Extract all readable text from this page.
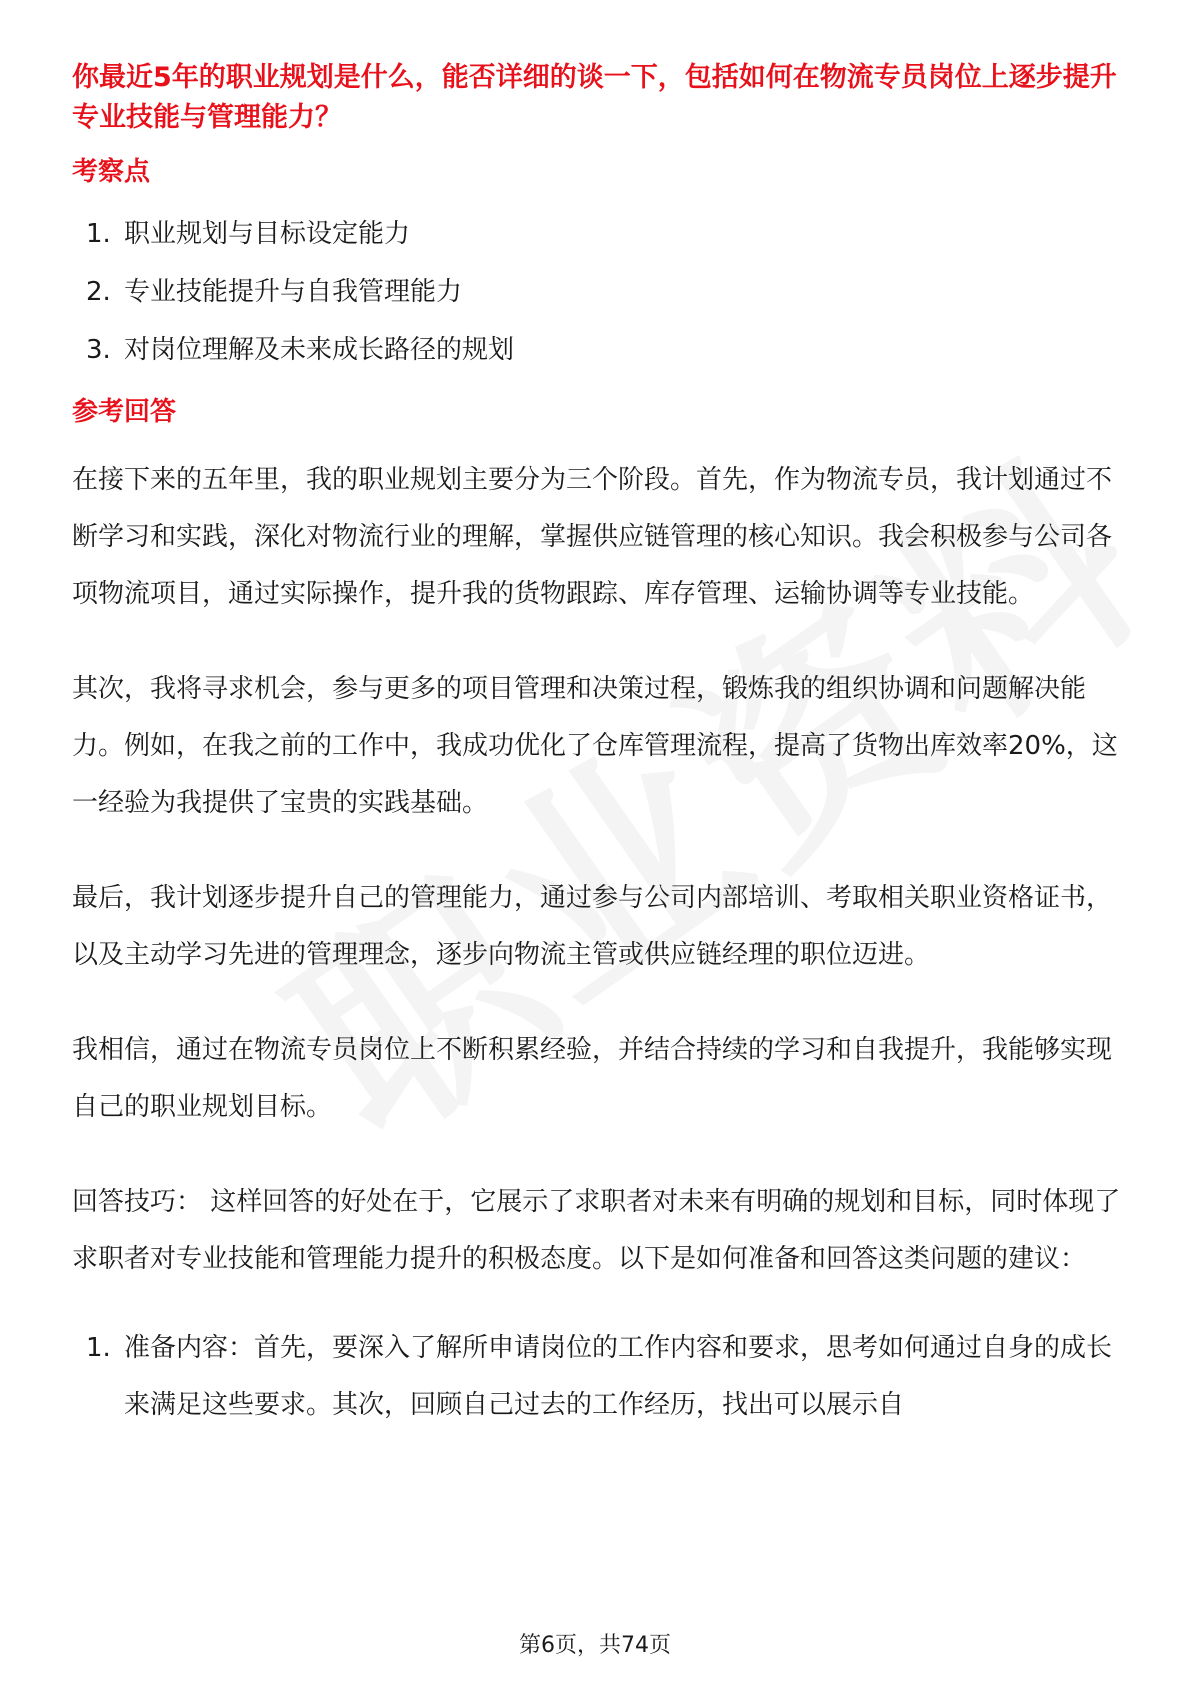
你最近5年的职业规划是什么，能否详细的谈一下，包括如何在物流专员岗位上逐步提升专业技能与管理能力？
考察点
1. 职业规划与目标设定能力
2. 专业技能提升与自我管理能力
3. 对岗位理解及未来成长路径的规划
参考回答

在接下来的五年里，我的职业规划主要分为三个阶段。首先，作为物流专员，我计划通过不断学习和实践，深化对物流行业的理解，掌握供应链管理的核心知识。我会积极参与公司各项物流项目，通过实际操作，提升我的货物跟踪、库存管理、运输协调等专业技能。

其次，我将寻求机会，参与更多的项目管理和决策过程，锻炼我的组织协调和问题解决能力。例如，在我之前的工作中，我成功优化了仓库管理流程，提高了货物出库效率20%，这一经验为我提供了宝贵的实践基础。

最后，我计划逐步提升自己的管理能力，通过参与公司内部培训、考取相关职业资格证书，以及主动学习先进的管理理念，逐步向物流主管或供应链经理的职位迈进。

我相信，通过在物流专员岗位上不断积累经验，并结合持续的学习和自我提升，我能够实现自己的职业规划目标。

回答技巧： 这样回答的好处在于，它展示了求职者对未来有明确的规划和目标，同时体现了求职者对专业技能和管理能力提升的积极态度。以下是如何准备和回答这类问题的建议：

1. 准备内容：首先，要深入了解所申请岗位的工作内容和要求，思考如何通过自身的成长来满足这些要求。其次，回顾自己过去的工作经历，找出可以展示自
第6页，共74页
